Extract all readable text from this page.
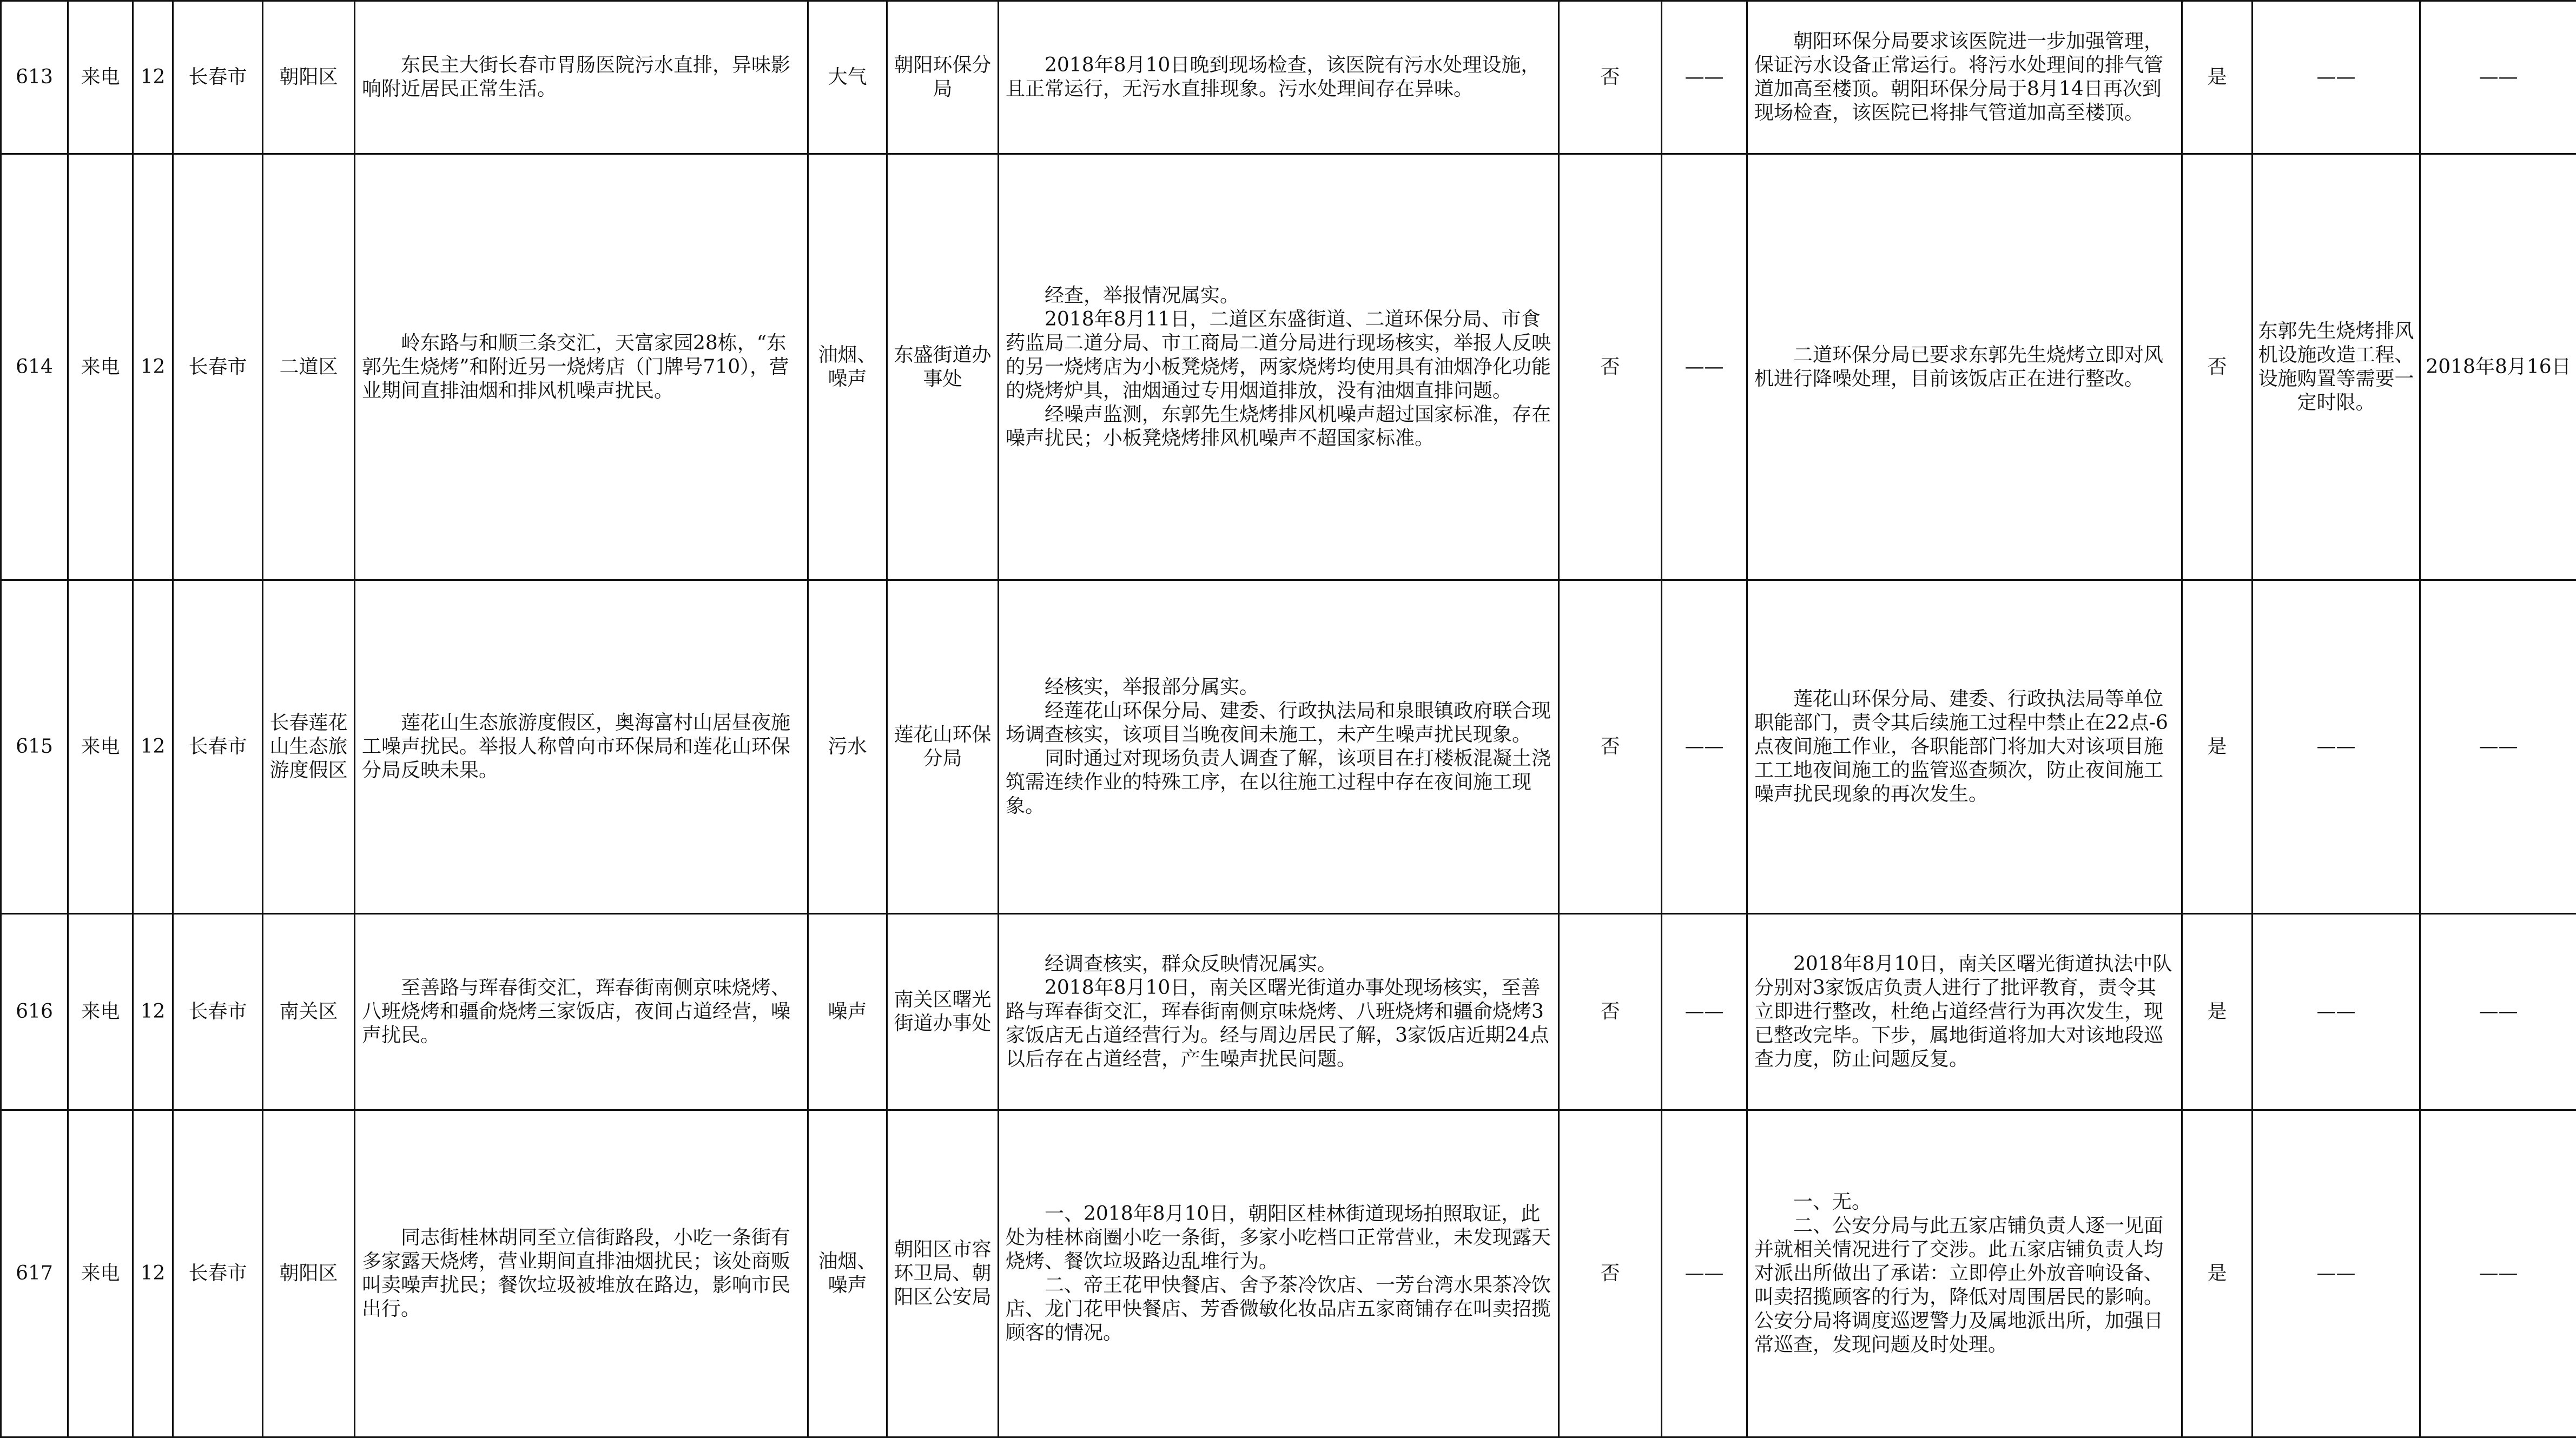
613	来电	12	长春市	朝阳区	东民主大街长春市胃肠医院污水直排，异味影响附近居民正常生活。	大气	朝阳环保分局	2018年8月10日晚到现场检查，该医院有污水处理设施，且正常运行，无污水直排现象。污水处理间存在异味。	否	——	朝阳环保分局要求该医院进一步加强管理，保证污水设备正常运行。将污水处理间的排气管道加高至楼顶。朝阳环保分局于8月14日再次到现场检查，该医院已将排气管道加高至楼顶。	是	——	——
614	来电	12	长春市	二道区	岭东路与和顺三条交汇，天富家园28栋，“东郭先生烧烤”和附近另一烧烤店（门牌号710），营业期间直排油烟和排风机噪声扰民。	油烟、噪声	东盛街道办事处	经查，举报情况属实。
2018年8月11日，二道区东盛街道、二道环保分局、市食药监局二道分局、市工商局二道分局进行现场核实，举报人反映的另一烧烤店为小板凳烧烤，两家烧烤均使用具有油烟净化功能的烧烤炉具，油烟通过专用烟道排放，没有油烟直排问题。
经噪声监测，东郭先生烧烤排风机噪声超过国家标准，存在噪声扰民；小板凳烧烤排风机噪声不超国家标准。	否	——	二道环保分局已要求东郭先生烧烤立即对风机进行降噪处理，目前该饭店正在进行整改。	否	东郭先生烧烤排风机设施改造工程、设施购置等需要一定时限。	2018年8月16日
615	来电	12	长春市	长春莲花山生态旅游度假区	莲花山生态旅游度假区，奥海富村山居昼夜施工噪声扰民。举报人称曾向市环保局和莲花山环保分局反映未果。	污水	莲花山环保分局	经核实，举报部分属实。
经莲花山环保分局、建委、行政执法局和泉眼镇政府联合现场调查核实，该项目当晚夜间未施工，未产生噪声扰民现象。
同时通过对现场负责人调查了解，该项目在打楼板混凝土浇筑需连续作业的特殊工序，在以往施工过程中存在夜间施工现象。	否	——	莲花山环保分局、建委、行政执法局等单位职能部门，责令其后续施工过程中禁止在22点-6点夜间施工作业，各职能部门将加大对该项目施工工地夜间施工的监管巡查频次，防止夜间施工噪声扰民现象的再次发生。	是	——	——
616	来电	12	长春市	南关区	至善路与珲春街交汇，珲春街南侧京味烧烤、八班烧烤和疆俞烧烤三家饭店，夜间占道经营，噪声扰民。	噪声	南关区曙光街道办事处	经调查核实，群众反映情况属实。
2018年8月10日，南关区曙光街道办事处现场核实，至善路与珲春街交汇，珲春街南侧京味烧烤、八班烧烤和疆俞烧烤3家饭店无占道经营行为。经与周边居民了解，3家饭店近期24点以后存在占道经营，产生噪声扰民问题。	否	——	2018年8月10日，南关区曙光街道执法中队分别对3家饭店负责人进行了批评教育，责令其立即进行整改，杜绝占道经营行为再次发生，现已整改完毕。下步，属地街道将加大对该地段巡查力度，防止问题反复。	是	——	——
617	来电	12	长春市	朝阳区	同志街桂林胡同至立信街路段，小吃一条街有多家露天烧烤，营业期间直排油烟扰民；该处商贩叫卖噪声扰民；餐饮垃圾被堆放在路边，影响市民出行。	油烟、噪声	朝阳区市容环卫局、朝阳区公安局	一、2018年8月10日，朝阳区桂林街道现场拍照取证，此处为桂林商圈小吃一条街，多家小吃档口正常营业，未发现露天烧烤、餐饮垃圾路边乱堆行为。
二、帝王花甲快餐店、舍予茶冷饮店、一芳台湾水果茶冷饮店、龙门花甲快餐店、芳香微敏化妆品店五家商铺存在叫卖招揽顾客的情况。	否	——	一、无。
二、公安分局与此五家店铺负责人逐一见面并就相关情况进行了交涉。此五家店铺负责人均对派出所做出了承诺：立即停止外放音响设备、叫卖招揽顾客的行为，降低对周围居民的影响。 公安分局将调度巡逻警力及属地派出所，加强日常巡查，发现问题及时处理。	是	——	——
